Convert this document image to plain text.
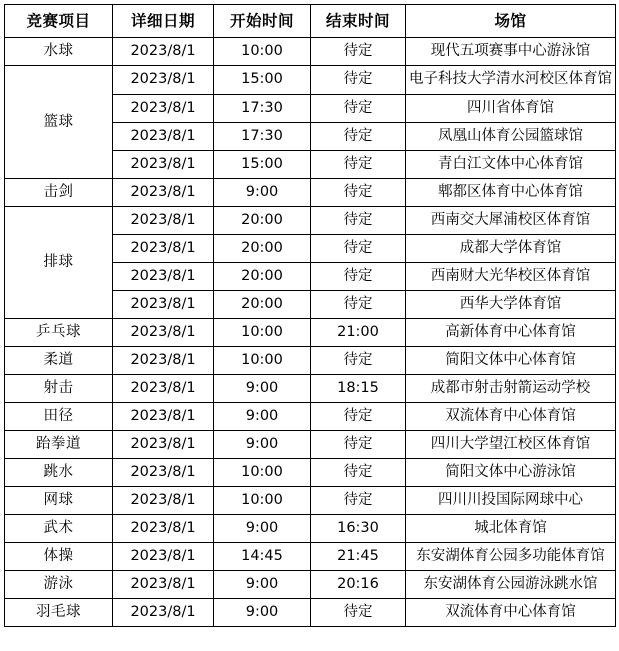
竞赛项目	详细日期	开始时间	结束时间	场馆
水球	2023/8/1	10:00	待定	现代五项赛事中心游泳馆
篮球	2023/8/1	15:00	待定	电子科技大学清水河校区体育馆
	2023/8/1	17:30	待定	四川省体育馆
	2023/8/1	17:30	待定	凤凰山体育公园篮球馆
	2023/8/1	15:00	待定	青白江文体中心体育馆
击剑	2023/8/1	9:00	待定	郫都区体育中心体育馆
排球	2023/8/1	20:00	待定	西南交大犀浦校区体育馆
	2023/8/1	20:00	待定	成都大学体育馆
	2023/8/1	20:00	待定	西南财大光华校区体育馆
	2023/8/1	20:00	待定	西华大学体育馆
乒乓球	2023/8/1	10:00	21:00	高新体育中心体育馆
柔道	2023/8/1	10:00	待定	简阳文体中心体育馆
射击	2023/8/1	9:00	18:15	成都市射击射箭运动学校
田径	2023/8/1	9:00	待定	双流体育中心体育馆
跆拳道	2023/8/1	9:00	待定	四川大学望江校区体育馆
跳水	2023/8/1	10:00	待定	简阳文体中心游泳馆
网球	2023/8/1	10:00	待定	四川川投国际网球中心
武术	2023/8/1	9:00	16:30	城北体育馆
体操	2023/8/1	14:45	21:45	东安湖体育公园多功能体育馆
游泳	2023/8/1	9:00	20:16	东安湖体育公园游泳跳水馆
羽毛球	2023/8/1	9:00	待定	双流体育中心体育馆
